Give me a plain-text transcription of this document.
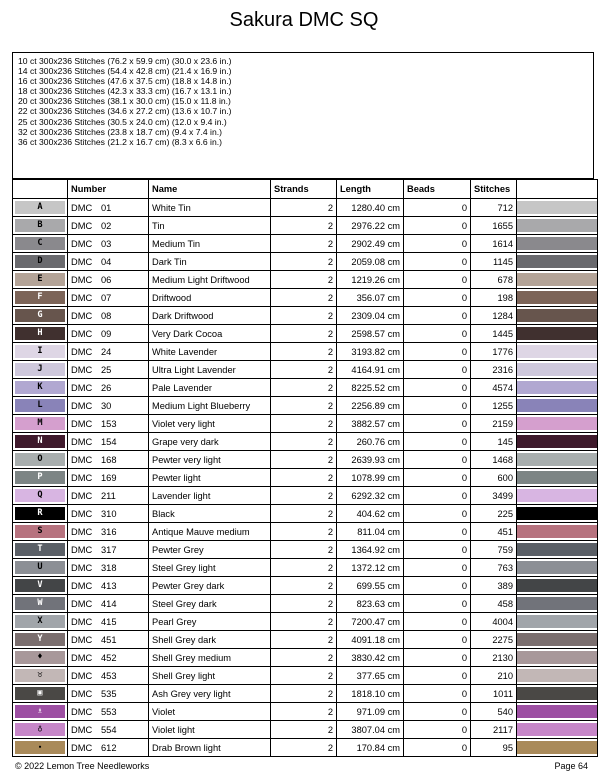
Sakura DMC SQ
10 ct 300x236 Stitches (76.2 x 59.9 cm) (30.0 x 23.6 in.)
14 ct 300x236 Stitches (54.4 x 42.8 cm) (21.4 x 16.9 in.)
16 ct 300x236 Stitches (47.6 x 37.5 cm) (18.8 x 14.8 in.)
18 ct 300x236 Stitches (42.3 x 33.3 cm) (16.7 x 13.1 in.)
20 ct 300x236 Stitches (38.1 x 30.0 cm) (15.0 x 11.8 in.)
22 ct 300x236 Stitches (34.6 x 27.2 cm) (13.6 x 10.7 in.)
25 ct 300x236 Stitches (30.5 x 24.0 cm) (12.0 x 9.4 in.)
32 ct 300x236 Stitches (23.8 x 18.7 cm) (9.4 x 7.4 in.)
36 ct 300x236 Stitches (21.2 x 16.7 cm) (8.3 x 6.6 in.)
	Number	Name	Strands	Length	Beads	Stitches	

A	DMC 01	White Tin	2	1280.40 cm	0	712	

B	DMC 02	Tin	2	2976.22 cm	0	1655	

C	DMC 03	Medium Tin	2	2902.49 cm	0	1614	

D	DMC 04	Dark Tin	2	2059.08 cm	0	1145	

E	DMC 06	Medium Light Driftwood	2	1219.26 cm	0	678	

F	DMC 07	Driftwood	2	356.07 cm	0	198	

G	DMC 08	Dark Driftwood	2	2309.04 cm	0	1284	

H	DMC 09	Very Dark Cocoa	2	2598.57 cm	0	1445	

I	DMC 24	White Lavender	2	3193.82 cm	0	1776	

J	DMC 25	Ultra Light Lavender	2	4164.91 cm	0	2316	

K	DMC 26	Pale Lavender	2	8225.52 cm	0	4574	

L	DMC 30	Medium Light Blueberry	2	2256.89 cm	0	1255	

M	DMC 153	Violet very light	2	3882.57 cm	0	2159	

N	DMC 154	Grape very dark	2	260.76 cm	0	145	

O	DMC 168	Pewter very light	2	2639.93 cm	0	1468	

P	DMC 169	Pewter light	2	1078.99 cm	0	600	

Q	DMC 211	Lavender light	2	6292.32 cm	0	3499	

R	DMC 310	Black	2	404.62 cm	0	225	

S	DMC 316	Antique Mauve medium	2	811.04 cm	0	451	

T	DMC 317	Pewter Grey	2	1364.92 cm	0	759	

U	DMC 318	Steel Grey light	2	1372.12 cm	0	763	

V	DMC 413	Pewter Grey dark	2	699.55 cm	0	389	

W	DMC 414	Steel Grey dark	2	823.63 cm	0	458	

X	DMC 415	Pearl Grey	2	7200.47 cm	0	4004	

Y	DMC 451	Shell Grey dark	2	4091.18 cm	0	2275	

♦	DMC 452	Shell Grey medium	2	3830.42 cm	0	2130	

♉	DMC 453	Shell Grey light	2	377.65 cm	0	210	

▣	DMC 535	Ash Grey very light	2	1818.10 cm	0	1011	

♗	DMC 553	Violet	2	971.09 cm	0	540	

♁	DMC 554	Violet light	2	3807.04 cm	0	2117	

⬝	DMC 612	Drab Brown light	2	170.84 cm	0	95	
© 2022 Lemon Tree Needleworks	Page 64
